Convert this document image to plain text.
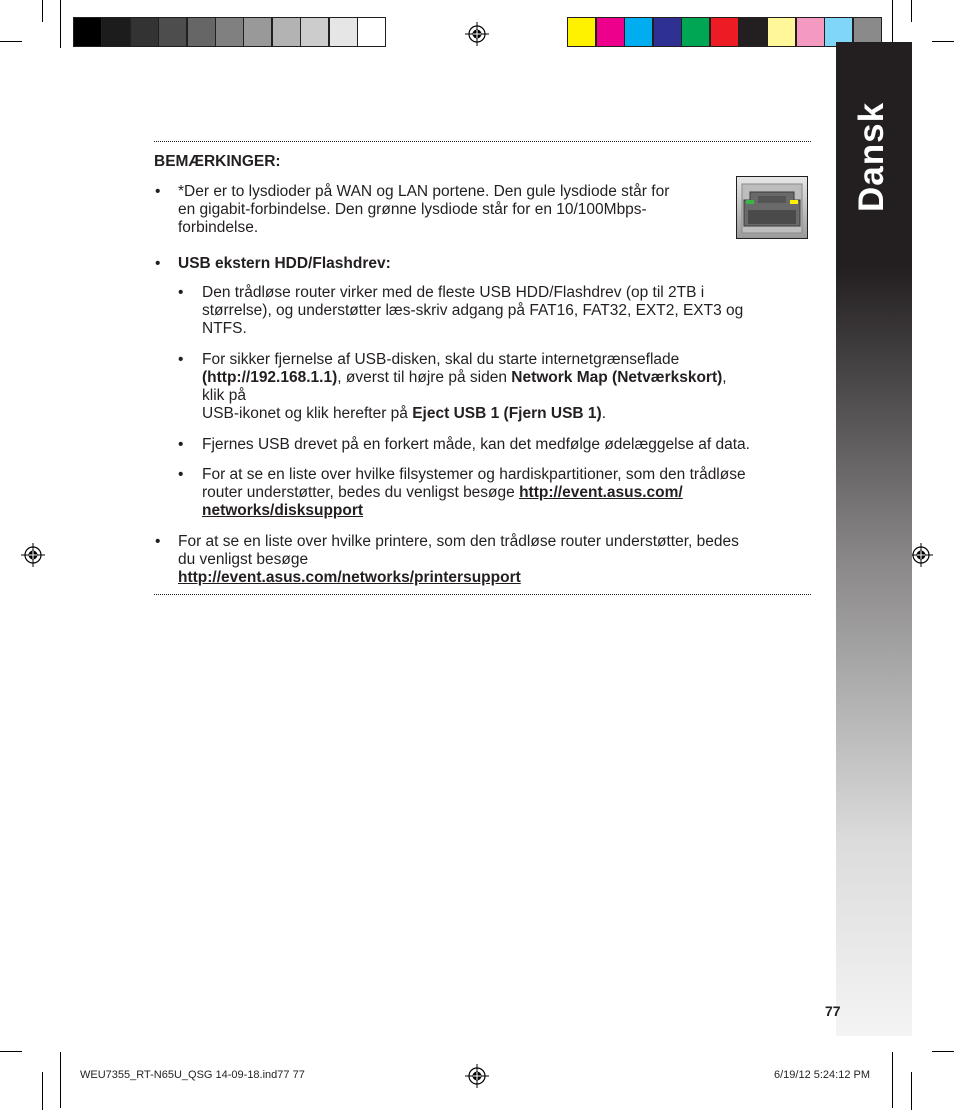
Dansk
BEMÆRKINGER:
• *Der er to lysdioder på WAN og LAN portene. Den gule lysdiode står for
en gigabit-forbindelse. Den grønne lysdiode står for en 10/100Mbps-
forbindelse.
• USB ekstern HDD/Flashdrev:
• Den trådløse router virker med de fleste USB HDD/Flashdrev (op til 2TB i
størrelse), og understøtter læs-skriv adgang på FAT16, FAT32, EXT2, EXT3 og
NTFS.
• For sikker fjernelse af USB-disken, skal du starte internetgrænseflade
(http://192.168.1.1), øverst til højre på siden Network Map (Netværkskort),
klik på
USB-ikonet og klik herefter på Eject USB 1 (Fjern USB 1).
• Fjernes USB drevet på en forkert måde, kan det medfølge ødelæggelse af data.
• For at se en liste over hvilke filsystemer og hardiskpartitioner, som den trådløse
router understøtter, bedes du venligst besøge http://event.asus.com/
networks/disksupport
• For at se en liste over hvilke printere, som den trådløse router understøtter, bedes
du venligst besøge
http://event.asus.com/networks/printersupport
77
WEU7355_RT-N65U_QSG 14-09-18.ind77 77	6/19/12 5:24:12 PM
